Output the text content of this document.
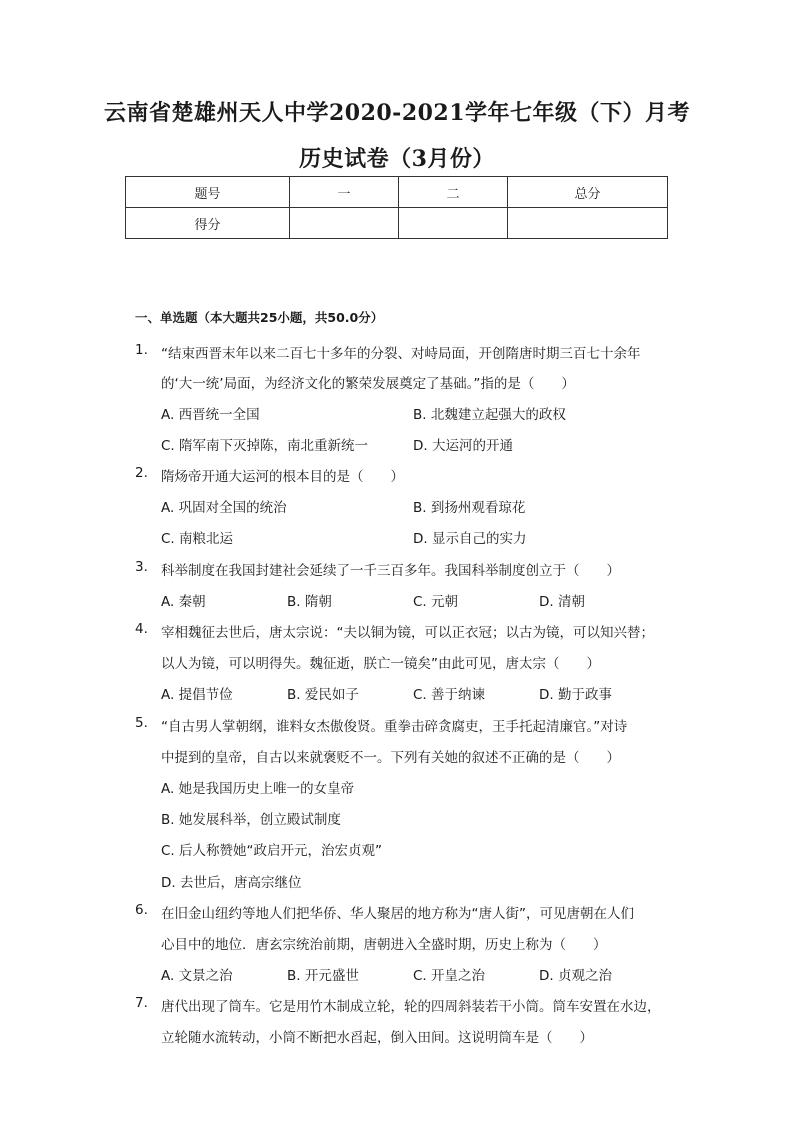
云南省楚雄州天人中学2020-2021学年七年级（下）月考
历史试卷（3月份）
题号	一	二	总分
得分			
一、单选题（本大题共25小题，共50.0分）
1. “结束西晋末年以来二百七十多年的分裂、对峙局面，开创隋唐时期三百七十余年
的‘大一统’局面，为经济文化的繁荣发展奠定了基础。”指的是（　　）
A. 西晋统一全国	B. 北魏建立起强大的政权
C. 隋军南下灭掉陈，南北重新统一	D. 大运河的开通
2. 隋炀帝开通大运河的根本目的是（　　）
A. 巩固对全国的统治	B. 到扬州观看琼花
C. 南粮北运	D. 显示自己的实力
3. 科举制度在我国封建社会延续了一千三百多年。我国科举制度创立于（　　）
A. 秦朝	B. 隋朝	C. 元朝	D. 清朝
4. 宰相魏征去世后，唐太宗说：“夫以铜为镜，可以正衣冠；以古为镜，可以知兴替；
以人为镜，可以明得失。魏征逝，朕亡一镜矣”由此可见，唐太宗（　　）
A. 提倡节俭	B. 爱民如子	C. 善于纳谏	D. 勤于政事
5. “自古男人掌朝纲，谁料女杰傲俊贤。重拳击碎贪腐吏，王手托起清廉官。”对诗
中提到的皇帝，自古以来就褒贬不一。下列有关她的叙述不正确的是（　　）
A. 她是我国历史上唯一的女皇帝
B. 她发展科举，创立殿试制度
C. 后人称赞她“政启开元，治宏贞观”
D. 去世后，唐高宗继位
6. 在旧金山纽约等地人们把华侨、华人聚居的地方称为“唐人街”，可见唐朝在人们
心目中的地位．唐玄宗统治前期，唐朝进入全盛时期，历史上称为（　　）
A. 文景之治	B. 开元盛世	C. 开皇之治	D. 贞观之治
7. 唐代出现了筒车。它是用竹木制成立轮，轮的四周斜装若干小筒。筒车安置在水边，
立轮随水流转动，小筒不断把水舀起，倒入田间。这说明筒车是（　　）
